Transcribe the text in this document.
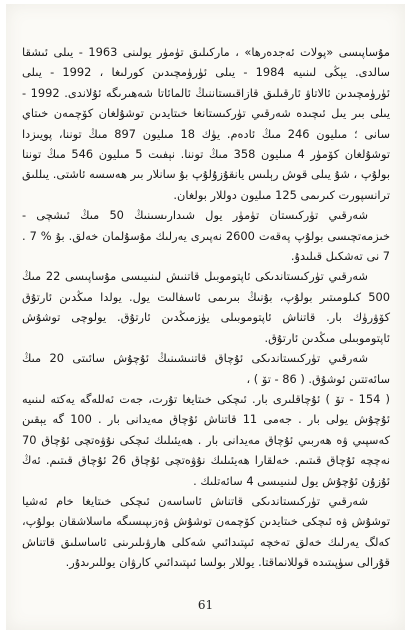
مۇساپىسى «پولات ئەجدەرھا» ، ماركىلىق تۈمۈر يولىنى 1963 - يىلى ئىشقا سالدى. يېڭى لىنىيە 1984 - يىلى ئۈرۈمچىدىن كورلىغا ، 1992 - يىلى ئۈرۈمچىدىن ئالاتاۋ ئارقىلىق قازاقىستاننىڭ ئالمائاتا شەھىرىگە ئۇلاندى. 1992 - يىلى بىر يىل ئىچىدە شەرقىي تۈركىستانغا خىتايدىن توشۇلغان كۆچمەن خىتاي سانى ؛ مىليون 246 مىڭ ئادەم. يۈك 18 مىليون 897 مىڭ توننا، پويىزدا توشۇلغان كۆمۈر 4 مىليون 358 مىڭ توننا. نېفىت 5 مىليون 546 مىڭ توننا بولۇپ ، شۇ يىلى قوش رېلىس يانقۇزۇلۇپ بۇ سانلار بىر ھەسسە ئاشتى. يىللىق ترانسپورت كىرىمى 125 مىليون دوللار بولغان.

شەرقىي تۈركىستان تۈمۈر يول شىدارىسىنىڭ 50 مىڭ ئىشچى - خىزمەتچىسى بولۇپ پەقەت 2600 نەپىرى يەرلىك مۇسۇلمان خەلق. بۇ % 7 . 7 نى تەشكىل قىلىدۇ.

شەرقىي تۈركىستاندىكى ئاپتوموبىل قاتنىش لىنىيىسى مۇساپىسى 22 مىڭ 500 كىلومىتىر بولۇپ، بۇنىڭ بىرىمى ئاسفالىت يول. يولدا مىڭدىن ئارتۇق كۆۋرۈك بار. قاتناش ئاپتوموبىلى يۈزمىڭدىن ئارتۇق. يولوچى توشۇش ئاپتوموبىلى مىڭدىن ئارتۇق.

شەرقىي تۈركىستاندىكى ئۇچاق قاتنىشىنىڭ ئۇچۇش سائىتى 20 مىڭ سائەتتىن ئوشۇق. ( 86 - تۆ ) ،

( 154 - تۆ ) ئۇچاقلىرى بار. ئىچكى خىتايغا تۇرت، جەت ئەللەگە يەكتە لىنىيە ئۇچۇش يولى بار . جەمى 11 قاتناش ئۇچاق مەيدانى بار . 100 گە يېقىن كەسپىي ۋە ھەربىي ئۇچاق مەيدانى بار . ھەيئىلىك ئىچكى نۇۋەتچى ئۇچاق 70 نەچچە ئۇچاق قىتىم. خەلقارا ھەيئىلىك نۇۋەتچى ئۇچاق 26 ئۇچاق قىتىم. ئەڭ ئۇزۇن ئۇچۇش يول لىنىيىسى 4 سائەتلىك .

شەرقىي تۈركىستاندىكى قاتناش ئاساسەن ئىچكى خىتايغا خام ئەشيا توشۇش ۋە ئىچكى خىتايدىن كۆچمەن توشۇش ۋەزىپىسىگە ماسلاشقان بولۇپ، كەلگ يەرلىك خەلق تەخچە ئىپتىدائىي شەكلى ھارۋىلىرىنى ئاساسلىق قاتناش قۇرالى سۈپىتىدە قوللانماقتا. يوللار بولسا ئىپتىدائىي كارۋان يوللىرىدۇر.

61
